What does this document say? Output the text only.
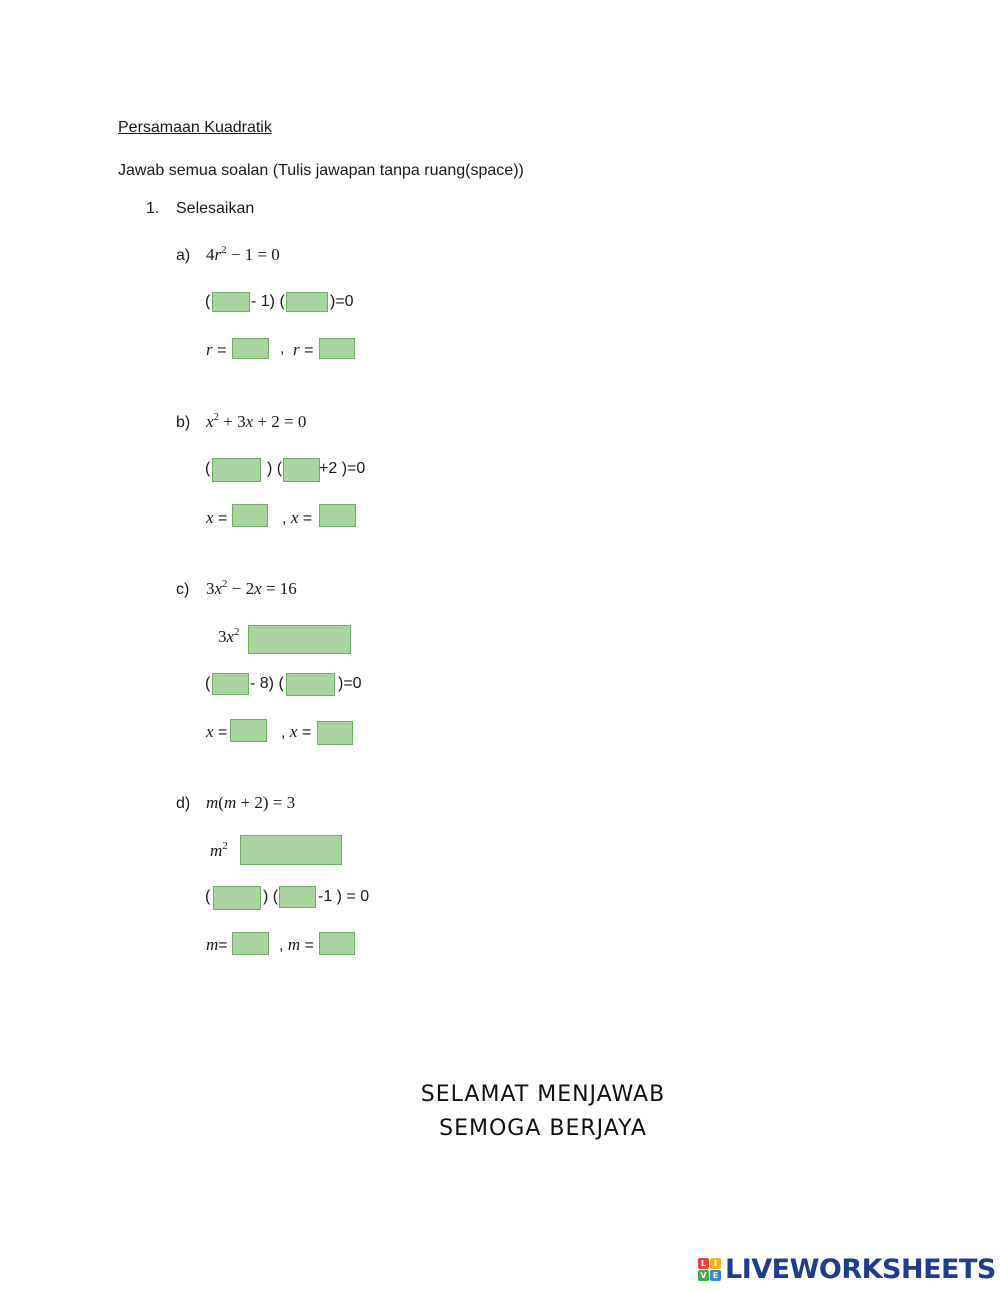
Persamaan Kuadratik
Jawab semua soalan (Tulis jawapan tanpa ruang(space))
1. Selesaikan
a) $4r^2 - 1 = 0$
(	- 1) (	)=0
r =	, r =
b) $x^2 + 3x + 2 = 0$
(	) ( +2 )=0
x =	, x =
c) $3x^2 - 2x = 16$
$3x^2$
( - 8) (	)=0
x =	, x =
d) m(m + 2) = 3
$m^2$
(	) ( -1 ) = 0
m=	, m =
SELAMAT MENJAWAB
SEMOGA BERJAYA
L I
V E LIVEWORKSHEETS
